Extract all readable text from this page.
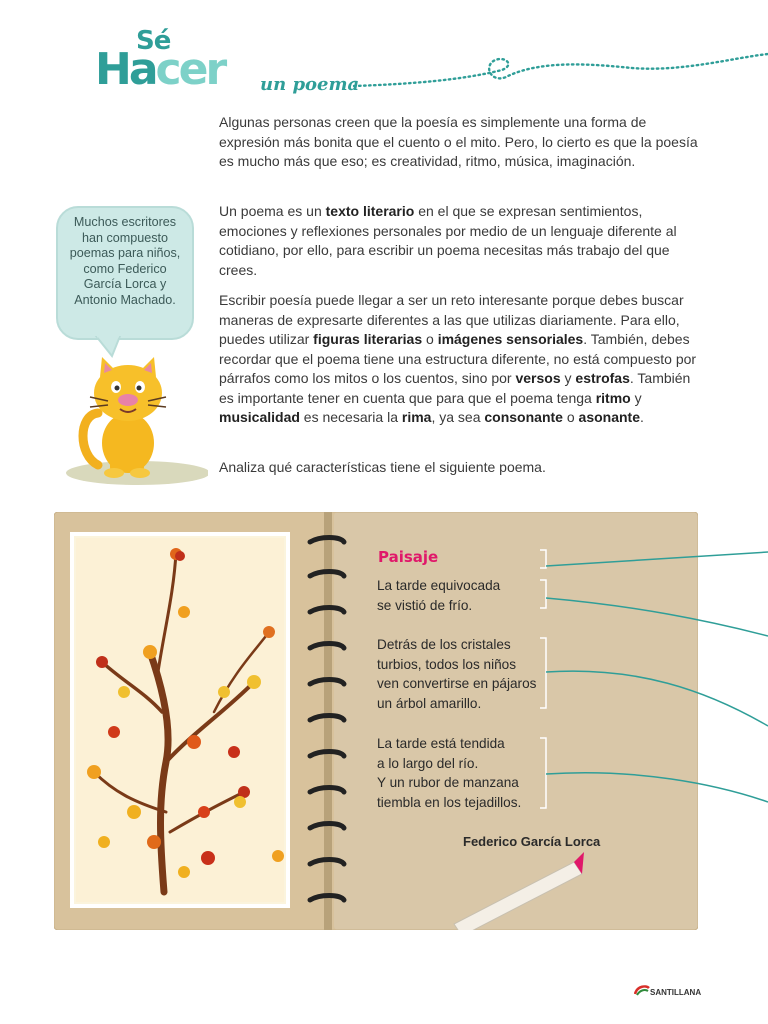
Sé
Hacer un poema

Algunas personas creen que la poesía es simplemente una forma de expresión más bonita que el cuento o el mito. Pero, lo cierto es que la poesía es mucho más que eso; es creatividad, ritmo, música, imaginación.

Un poema es un texto literario en el que se expresan sentimientos, emociones y reflexiones personales por medio de un lenguaje diferente al cotidiano, por ello, para escribir un poema necesitas más trabajo del que crees.

Escribir poesía puede llegar a ser un reto interesante porque debes buscar maneras de expresarte diferentes a las que utilizas diariamente. Para ello, puedes utilizar figuras literarias o imágenes sensoriales. También, debes recordar que el poema tiene una estructura diferente, no está compuesto por párrafos como los mitos o los cuentos, sino por versos y estrofas. También es importante tener en cuenta que para que el poema tenga ritmo y musicalidad es necesaria la rima, ya sea consonante o asonante.

Analiza qué características tiene el siguiente poema.

Muchos escritores han compuesto poemas para niños, como Federico García Lorca y Antonio Machado.
Paisaje
La tarde equivocada
se vistió de frío.
Detrás de los cristales
turbios, todos los niños
ven convertirse en pájaros
un árbol amarillo.
La tarde está tendida
a lo largo del río.
Y un rubor de manzana
tiembla en los tejadillos.
Federico García Lorca
SANTILLANA
